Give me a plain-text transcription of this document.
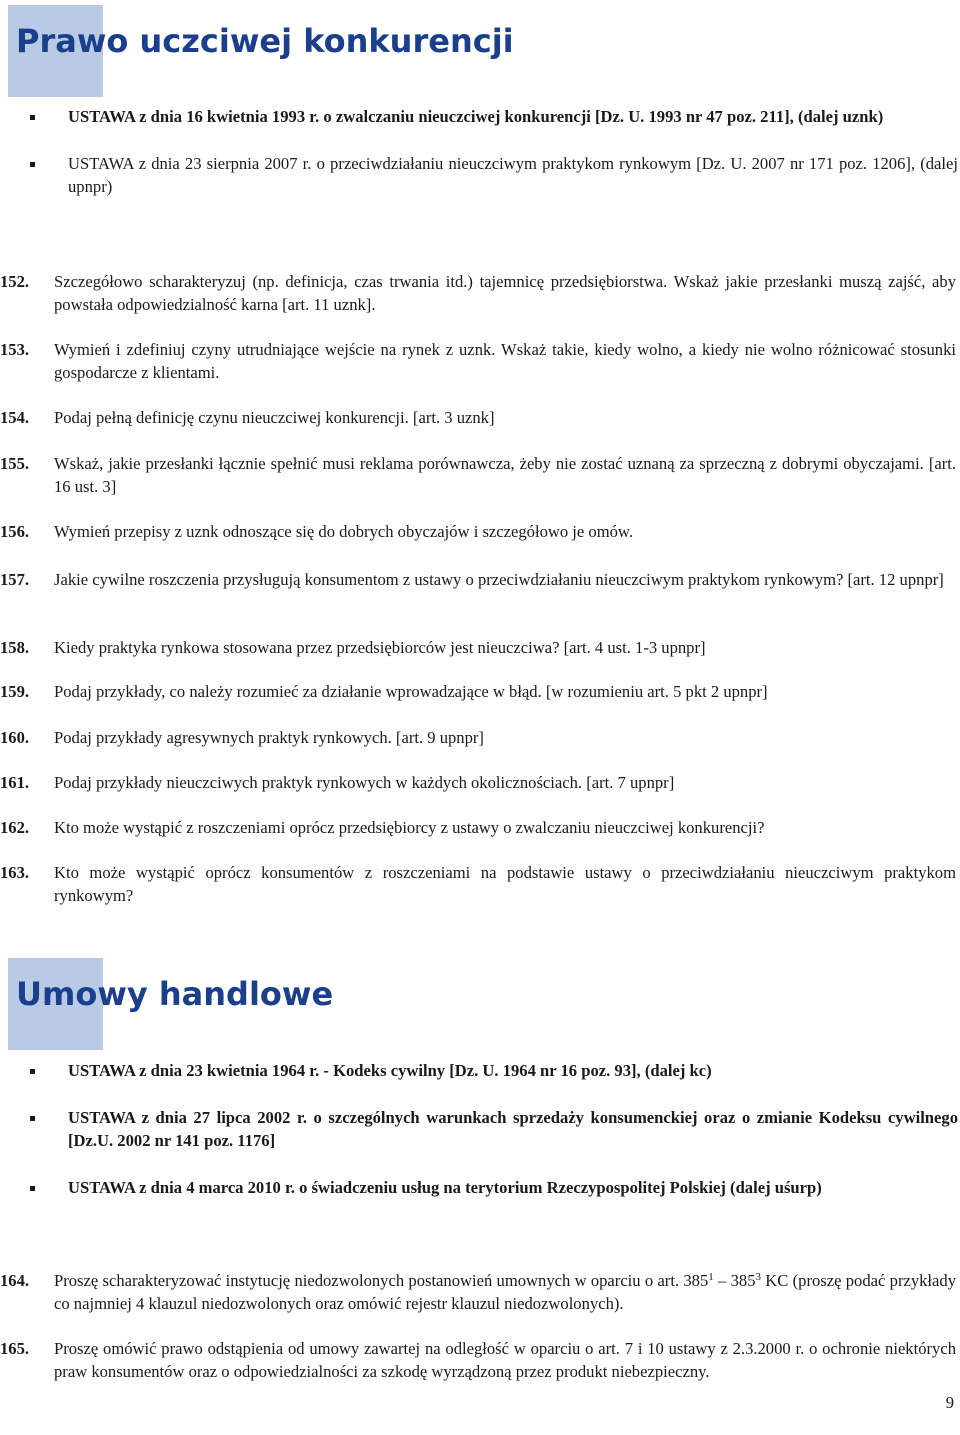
Prawo uczciwej konkurencji
USTAWA z dnia 16 kwietnia 1993 r. o zwalczaniu nieuczciwej konkurencji [Dz. U. 1993 nr 47 poz. 211], (dalej uznk)
USTAWA z dnia 23 sierpnia 2007 r. o przeciwdziałaniu nieuczciwym praktykom rynkowym [Dz. U. 2007 nr 171 poz. 1206], (dalej upnpr)
152.	Szczegółowo scharakteryzuj (np. definicja, czas trwania itd.) tajemnicę przedsiębiorstwa. Wskaż jakie przesłanki muszą zajść, aby powstała odpowiedzialność karna [art. 11 uznk].
153.	Wymień i zdefiniuj czyny utrudniające wejście na rynek z uznk. Wskaż takie, kiedy wolno, a kiedy nie wolno różnicować stosunki gospodarcze z klientami.
154.	Podaj pełną definicję czynu nieuczciwej konkurencji. [art. 3 uznk]
155.	Wskaż, jakie przesłanki łącznie spełnić musi reklama porównawcza, żeby nie zostać uznaną za sprzeczną z dobrymi obyczajami. [art. 16 ust. 3]
156.	Wymień przepisy z uznk odnoszące się do dobrych obyczajów i szczegółowo je omów.
157.	Jakie cywilne roszczenia przysługują konsumentom z ustawy o przeciwdziałaniu nieuczciwym praktykom rynkowym? [art. 12 upnpr]
158.	Kiedy praktyka rynkowa stosowana przez przedsiębiorców jest nieuczciwa? [art. 4 ust. 1-3 upnpr]
159.	Podaj przykłady, co należy rozumieć za działanie wprowadzające w błąd. [w rozumieniu art. 5 pkt 2 upnpr]
160.	Podaj przykłady agresywnych praktyk rynkowych. [art. 9 upnpr]
161.	Podaj przykłady nieuczciwych praktyk rynkowych w każdych okolicznościach. [art. 7 upnpr]
162.	Kto może wystąpić z roszczeniami oprócz przedsiębiorcy z ustawy o zwalczaniu nieuczciwej konkurencji?
163.	Kto może wystąpić oprócz konsumentów z roszczeniami na podstawie ustawy o przeciwdziałaniu nieuczciwym praktykom rynkowym?
Umowy handlowe
USTAWA z dnia 23 kwietnia 1964 r. - Kodeks cywilny [Dz. U. 1964 nr 16 poz. 93], (dalej kc)
USTAWA z dnia 27 lipca 2002 r. o szczególnych warunkach sprzedaży konsumenckiej oraz o zmianie Kodeksu cywilnego [Dz.U. 2002 nr 141 poz. 1176]
USTAWA z dnia 4 marca 2010 r. o świadczeniu usług na terytorium Rzeczypospolitej Polskiej (dalej uśurp)
164.	Proszę scharakteryzować instytucję niedozwolonych postanowień umownych w oparciu o art. $385^1 - 385^3$ KC (proszę podać przykłady co najmniej 4 klauzul niedozwolonych oraz omówić rejestr klauzul niedozwolonych).
165.	Proszę omówić prawo odstąpienia od umowy zawartej na odległość w oparciu o art. 7 i 10 ustawy z 2.3.2000 r. o ochronie niektórych praw konsumentów oraz o odpowiedzialności za szkodę wyrządzoną przez produkt niebezpieczny.
9
